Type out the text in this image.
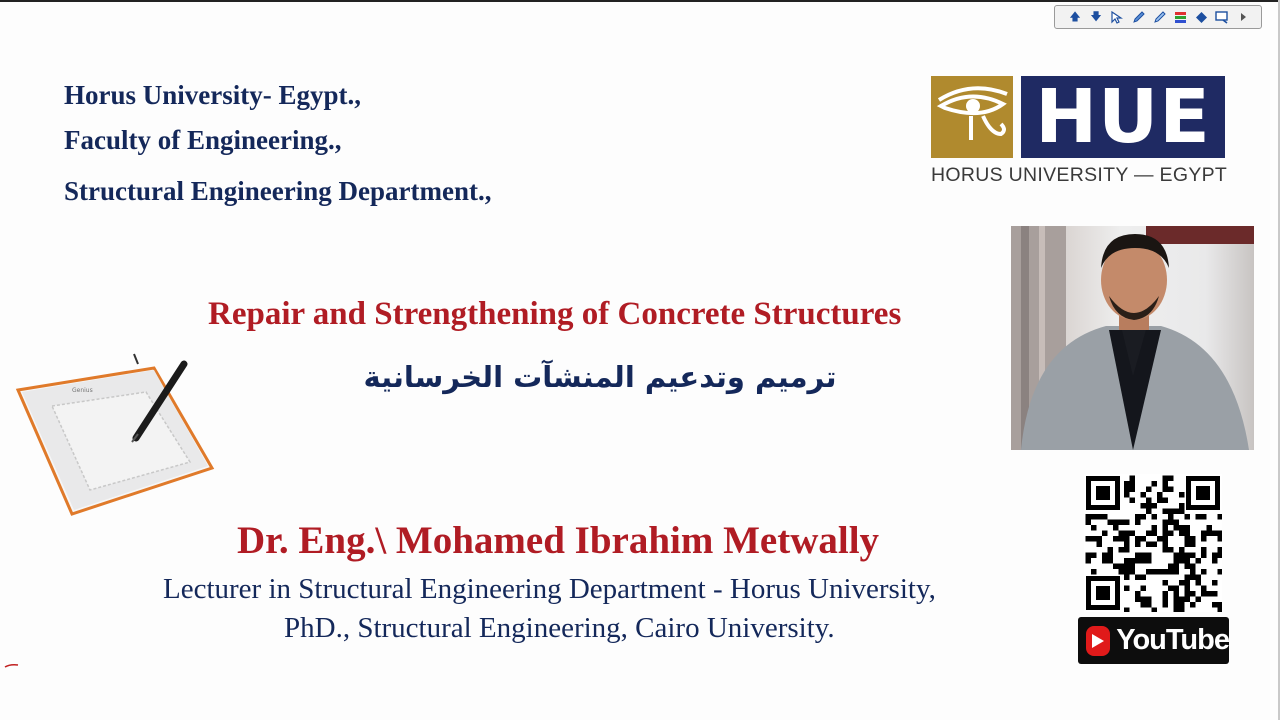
🡅 🡇
Horus University- Egypt.,
Faculty of Engineering.,
Structural Engineering Department.,
HUE
HORUS UNIVERSITY — EGYPT
Repair and Strengthening of Concrete Structures
ترميم وتدعيم المنشآت الخرسانية
Genius
Dr. Eng.\ Mohamed Ibrahim Metwally
Lecturer in Structural Engineering Department - Horus University,
PhD., Structural Engineering, Cairo University.	YouTube
